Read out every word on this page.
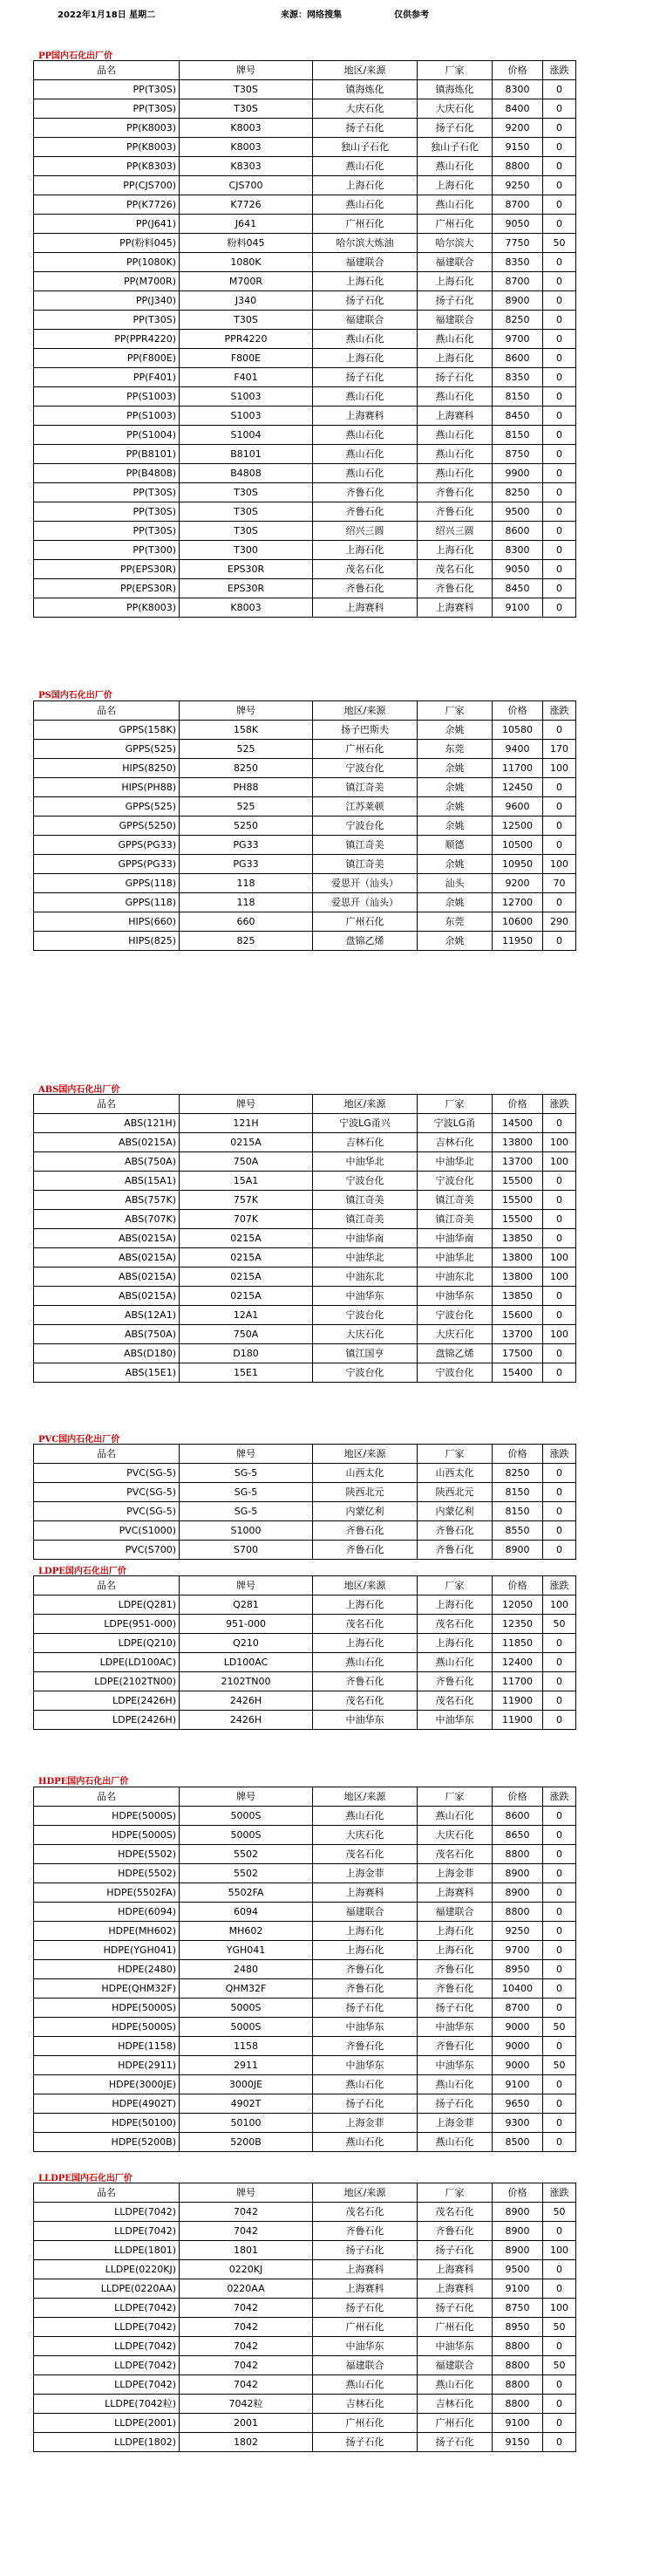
2022年1月18日 星期二	来源：网络搜集	仅供参考
PP国内石化出厂价
品名	牌号	地区/来源	厂家	价格	涨跌
PP(T30S)	T30S	镇海炼化	镇海炼化	8300	0
PP(T30S)	T30S	大庆石化	大庆石化	8400	0
PP(K8003)	K8003	扬子石化	扬子石化	9200	0
PP(K8003)	K8003	独山子石化	独山子石化	9150	0
PP(K8303)	K8303	燕山石化	燕山石化	8800	0
PP(CJS700)	CJS700	上海石化	上海石化	9250	0
PP(K7726)	K7726	燕山石化	燕山石化	8700	0
PP(J641)	J641	广州石化	广州石化	9050	0
PP(粉料045)	粉料045	哈尔滨大炼油	哈尔滨大	7750	50
PP(1080K)	1080K	福建联合	福建联合	8350	0
PP(M700R)	M700R	上海石化	上海石化	8700	0
PP(J340)	J340	扬子石化	扬子石化	8900	0
PP(T30S)	T30S	福建联合	福建联合	8250	0
PP(PPR4220)	PPR4220	燕山石化	燕山石化	9700	0
PP(F800E)	F800E	上海石化	上海石化	8600	0
PP(F401)	F401	扬子石化	扬子石化	8350	0
PP(S1003)	S1003	燕山石化	燕山石化	8150	0
PP(S1003)	S1003	上海赛科	上海赛科	8450	0
PP(S1004)	S1004	燕山石化	燕山石化	8150	0
PP(B8101)	B8101	燕山石化	燕山石化	8750	0
PP(B4808)	B4808	燕山石化	燕山石化	9900	0
PP(T30S)	T30S	齐鲁石化	齐鲁石化	8250	0
PP(T30S)	T30S	齐鲁石化	齐鲁石化	9500	0
PP(T30S)	T30S	绍兴三圆	绍兴三圆	8600	0
PP(T300)	T300	上海石化	上海石化	8300	0
PP(EPS30R)	EPS30R	茂名石化	茂名石化	9050	0
PP(EPS30R)	EPS30R	齐鲁石化	齐鲁石化	8450	0
PP(K8003)	K8003	上海赛科	上海赛科	9100	0
PS国内石化出厂价
品名	牌号	地区/来源	厂家	价格	涨跌
GPPS(158K)	158K	扬子巴斯夫	余姚	10580	0
GPPS(525)	525	广州石化	东莞	9400	170
HIPS(8250)	8250	宁波台化	余姚	11700	100
HIPS(PH88)	PH88	镇江奇美	余姚	12450	0
GPPS(525)	525	江苏莱顿	余姚	9600	0
GPPS(5250)	5250	宁波台化	余姚	12500	0
GPPS(PG33)	PG33	镇江奇美	顺德	10500	0
GPPS(PG33)	PG33	镇江奇美	余姚	10950	100
GPPS(118)	118	爱思开（汕头）	汕头	9200	70
GPPS(118)	118	爱思开（汕头）	余姚	12700	0
HIPS(660)	660	广州石化	东莞	10600	290
HIPS(825)	825	盘锦乙烯	余姚	11950	0
ABS国内石化出厂价
品名	牌号	地区/来源	厂家	价格	涨跌
ABS(121H)	121H	宁波LG甬兴	宁波LG甬	14500	0
ABS(0215A)	0215A	吉林石化	吉林石化	13800	100
ABS(750A)	750A	中油华北	中油华北	13700	100
ABS(15A1)	15A1	宁波台化	宁波台化	15500	0
ABS(757K)	757K	镇江奇美	镇江奇美	15500	0
ABS(707K)	707K	镇江奇美	镇江奇美	15500	0
ABS(0215A)	0215A	中油华南	中油华南	13850	0
ABS(0215A)	0215A	中油华北	中油华北	13800	100
ABS(0215A)	0215A	中油东北	中油东北	13800	100
ABS(0215A)	0215A	中油华东	中油华东	13850	0
ABS(12A1)	12A1	宁波台化	宁波台化	15600	0
ABS(750A)	750A	大庆石化	大庆石化	13700	100
ABS(D180)	D180	镇江国亨	盘锦乙烯	17500	0
ABS(15E1)	15E1	宁波台化	宁波台化	15400	0
PVC国内石化出厂价
品名	牌号	地区/来源	厂家	价格	涨跌
PVC(SG-5)	SG-5	山西太化	山西太化	8250	0
PVC(SG-5)	SG-5	陕西北元	陕西北元	8150	0
PVC(SG-5)	SG-5	内蒙亿利	内蒙亿利	8150	0
PVC(S1000)	S1000	齐鲁石化	齐鲁石化	8550	0
PVC(S700)	S700	齐鲁石化	齐鲁石化	8900	0
LDPE国内石化出厂价
品名	牌号	地区/来源	厂家	价格	涨跌
LDPE(Q281)	Q281	上海石化	上海石化	12050	100
LDPE(951-000)	951-000	茂名石化	茂名石化	12350	50
LDPE(Q210)	Q210	上海石化	上海石化	11850	0
LDPE(LD100AC)	LD100AC	燕山石化	燕山石化	12400	0
LDPE(2102TN00)	2102TN00	齐鲁石化	齐鲁石化	11700	0
LDPE(2426H)	2426H	茂名石化	茂名石化	11900	0
LDPE(2426H)	2426H	中油华东	中油华东	11900	0
HDPE国内石化出厂价
品名	牌号	地区/来源	厂家	价格	涨跌
HDPE(5000S)	5000S	燕山石化	燕山石化	8600	0
HDPE(5000S)	5000S	大庆石化	大庆石化	8650	0
HDPE(5502)	5502	茂名石化	茂名石化	8800	0
HDPE(5502)	5502	上海金菲	上海金菲	8900	0
HDPE(5502FA)	5502FA	上海赛科	上海赛科	8900	0
HDPE(6094)	6094	福建联合	福建联合	8800	0
HDPE(MH602)	MH602	上海石化	上海石化	9250	0
HDPE(YGH041)	YGH041	上海石化	上海石化	9700	0
HDPE(2480)	2480	齐鲁石化	齐鲁石化	8950	0
HDPE(QHM32F)	QHM32F	齐鲁石化	齐鲁石化	10400	0
HDPE(5000S)	5000S	扬子石化	扬子石化	8700	0
HDPE(5000S)	5000S	中油华东	中油华东	9000	50
HDPE(1158)	1158	齐鲁石化	齐鲁石化	9000	0
HDPE(2911)	2911	中油华东	中油华东	9000	50
HDPE(3000JE)	3000JE	燕山石化	燕山石化	9100	0
HDPE(4902T)	4902T	扬子石化	扬子石化	9650	0
HDPE(50100)	50100	上海金菲	上海金菲	9300	0
HDPE(5200B)	5200B	燕山石化	燕山石化	8500	0
LLDPE国内石化出厂价
品名	牌号	地区/来源	厂家	价格	涨跌
LLDPE(7042)	7042	茂名石化	茂名石化	8900	50
LLDPE(7042)	7042	齐鲁石化	齐鲁石化	8900	0
LLDPE(1801)	1801	扬子石化	扬子石化	8900	100
LLDPE(0220KJ)	0220KJ	上海赛科	上海赛科	9500	0
LLDPE(0220AA)	0220AA	上海赛科	上海赛科	9100	0
LLDPE(7042)	7042	扬子石化	扬子石化	8750	100
LLDPE(7042)	7042	广州石化	广州石化	8950	50
LLDPE(7042)	7042	中油华东	中油华东	8800	0
LLDPE(7042)	7042	福建联合	福建联合	8800	50
LLDPE(7042)	7042	燕山石化	燕山石化	8800	0
LLDPE(7042粒)	7042粒	吉林石化	吉林石化	8800	0
LLDPE(2001)	2001	广州石化	广州石化	9100	0
LLDPE(1802)	1802	扬子石化	扬子石化	9150	0
